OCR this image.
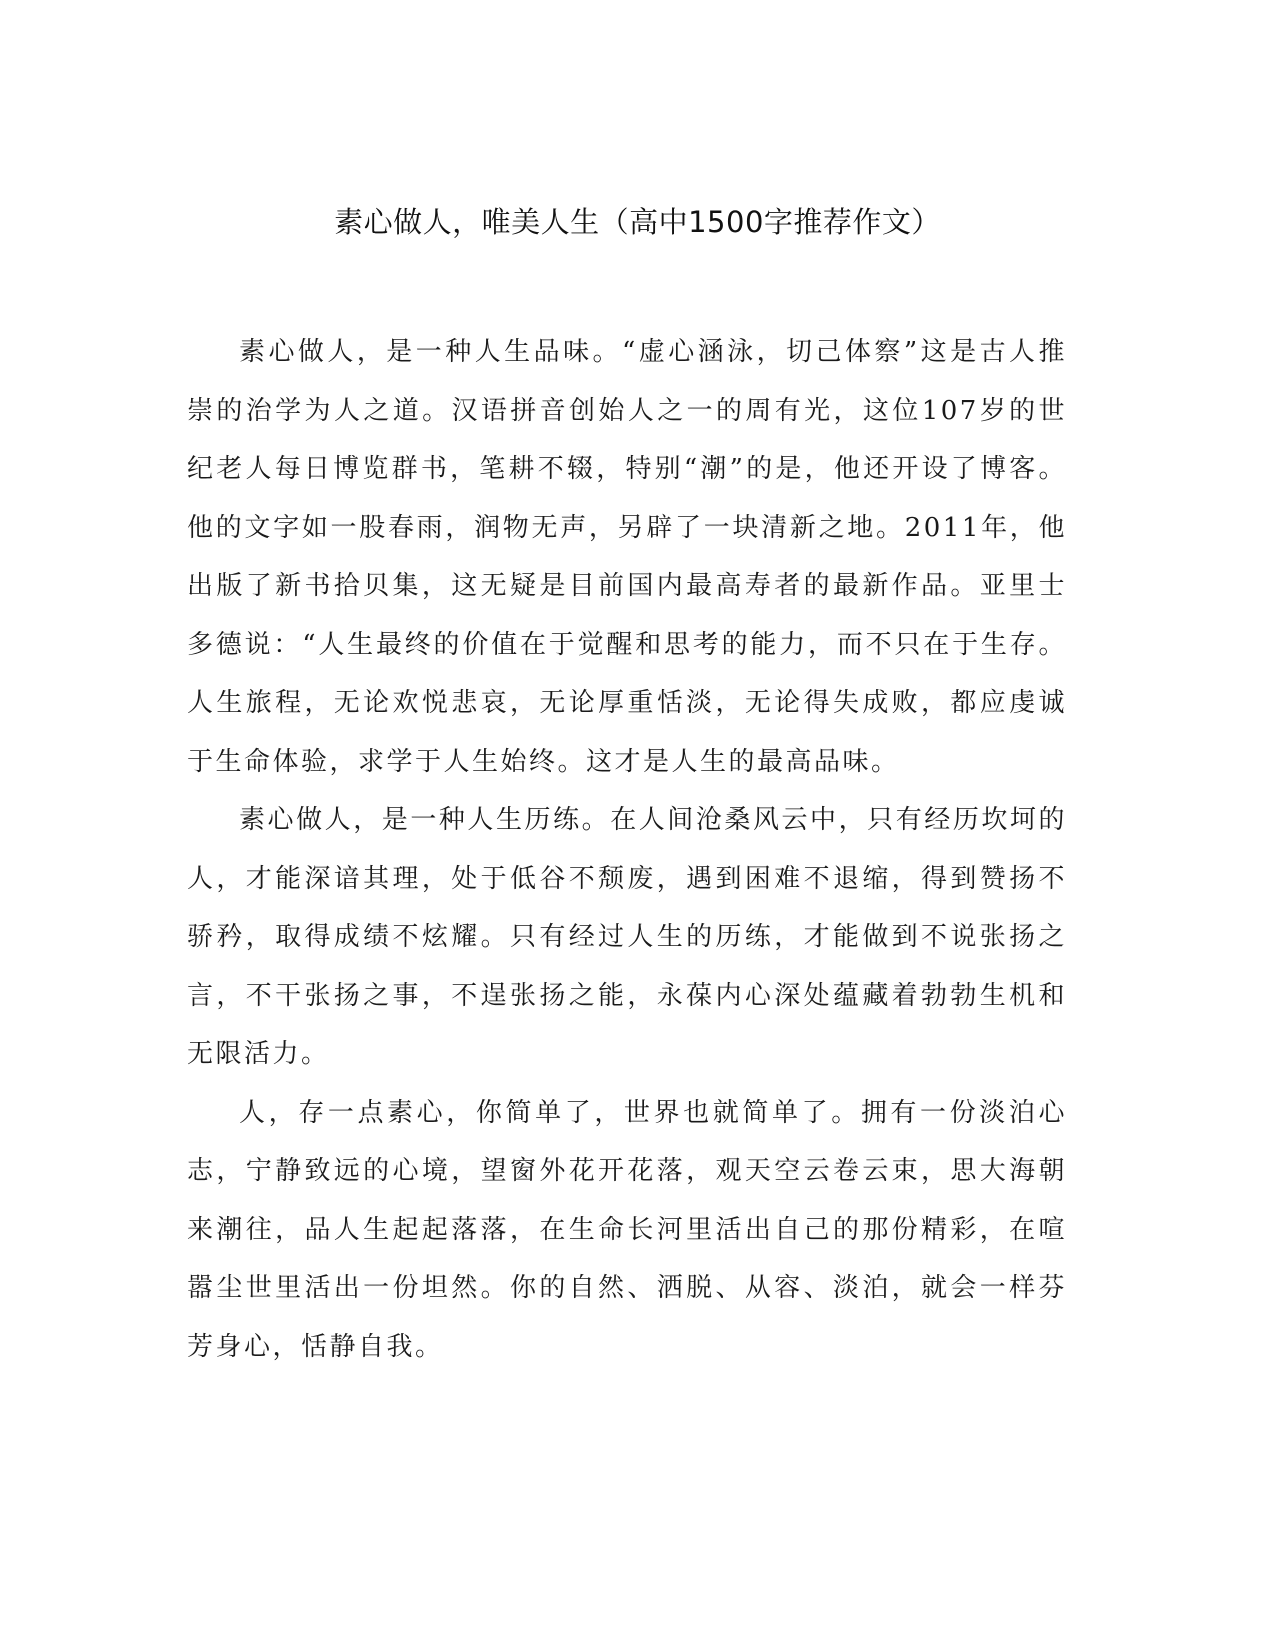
素心做人，唯美人生（高中1500字推荐作文）

素心做人，是一种人生品味。“虚心涵泳，切己体察”这是古人推崇的治学为人之道。汉语拼音创始人之一的周有光，这位107岁的世纪老人每日博览群书，笔耕不辍，特别“潮”的是，他还开设了博客。他的文字如一股春雨，润物无声，另辟了一块清新之地。2011年，他出版了新书拾贝集，这无疑是目前国内最高寿者的最新作品。亚里士多德说：“人生最终的价值在于觉醒和思考的能力，而不只在于生存。人生旅程，无论欢悦悲哀，无论厚重恬淡，无论得失成败，都应虔诚于生命体验，求学于人生始终。这才是人生的最高品味。

素心做人，是一种人生历练。在人间沧桑风云中，只有经历坎坷的人，才能深谙其理，处于低谷不颓废，遇到困难不退缩，得到赞扬不骄矜，取得成绩不炫耀。只有经过人生的历练，才能做到不说张扬之言，不干张扬之事，不逞张扬之能，永葆内心深处蕴藏着勃勃生机和无限活力。

人，存一点素心，你简单了，世界也就简单了。拥有一份淡泊心志，宁静致远的心境，望窗外花开花落，观天空云卷云束，思大海朝来潮往，品人生起起落落，在生命长河里活出自己的那份精彩，在喧嚣尘世里活出一份坦然。你的自然、洒脱、从容、淡泊，就会一样芬芳身心，恬静自我。
